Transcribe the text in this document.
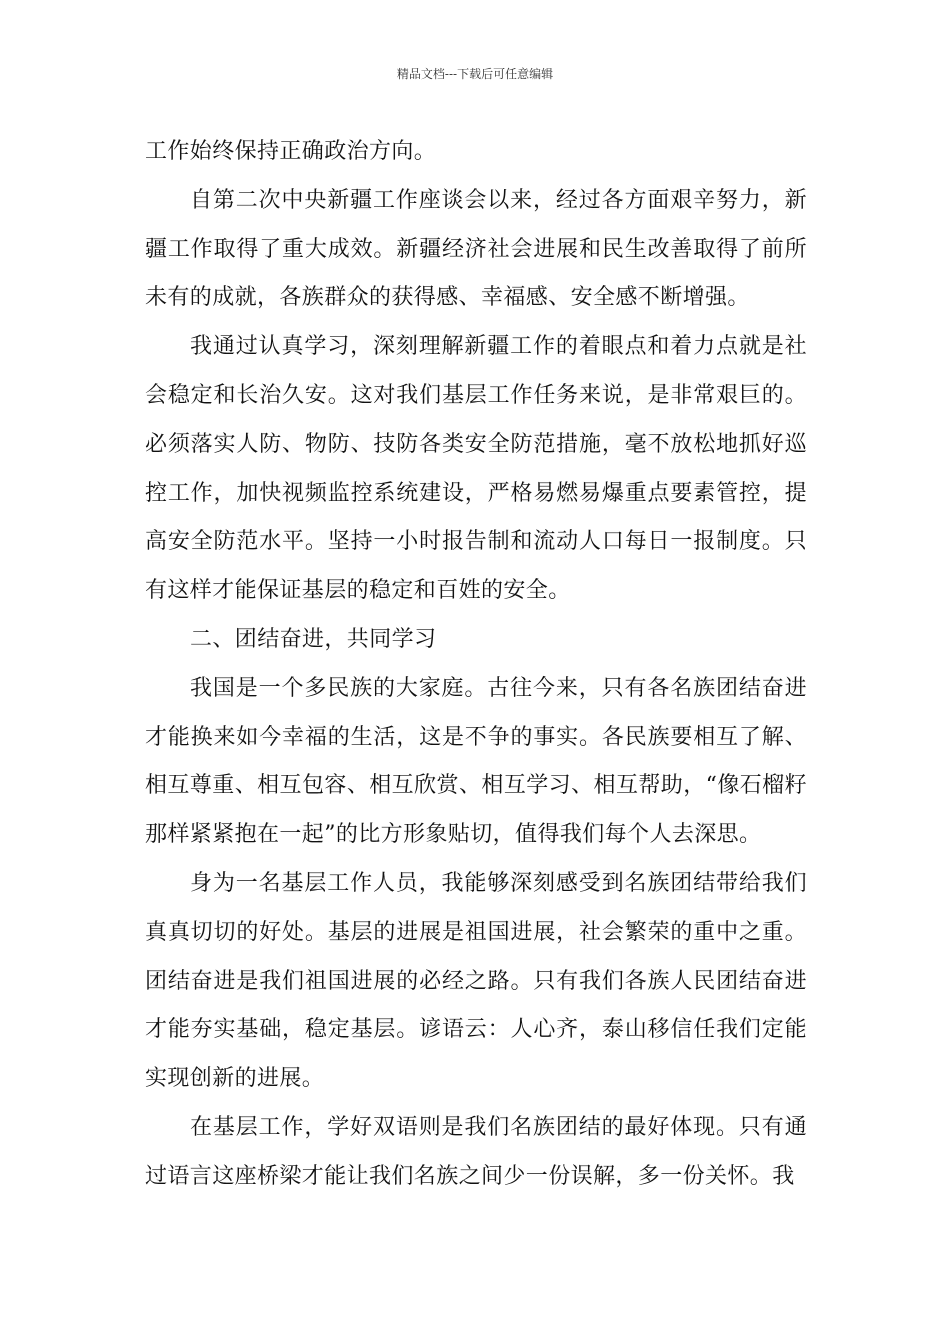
精品文档---下载后可任意编辑

工作始终保持正确政治方向。

自第二次中央新疆工作座谈会以来，经过各方面艰辛努力，新疆工作取得了重大成效。新疆经济社会进展和民生改善取得了前所未有的成就，各族群众的获得感、幸福感、安全感不断增强。

我通过认真学习，深刻理解新疆工作的着眼点和着力点就是社会稳定和长治久安。这对我们基层工作任务来说，是非常艰巨的。必须落实人防、物防、技防各类安全防范措施，毫不放松地抓好巡控工作，加快视频监控系统建设，严格易燃易爆重点要素管控，提高安全防范水平。坚持一小时报告制和流动人口每日一报制度。只有这样才能保证基层的稳定和百姓的安全。

二、团结奋进，共同学习

我国是一个多民族的大家庭。古往今来，只有各名族团结奋进才能换来如今幸福的生活，这是不争的事实。各民族要相互了解、相互尊重、相互包容、相互欣赏、相互学习、相互帮助，“像石榴籽那样紧紧抱在一起”的比方形象贴切，值得我们每个人去深思。

身为一名基层工作人员，我能够深刻感受到名族团结带给我们真真切切的好处。基层的进展是祖国进展，社会繁荣的重中之重。团结奋进是我们祖国进展的必经之路。只有我们各族人民团结奋进才能夯实基础，稳定基层。谚语云：人心齐，泰山移信任我们定能实现创新的进展。

在基层工作，学好双语则是我们名族团结的最好体现。只有通过语言这座桥梁才能让我们名族之间少一份误解，多一份关怀。我
